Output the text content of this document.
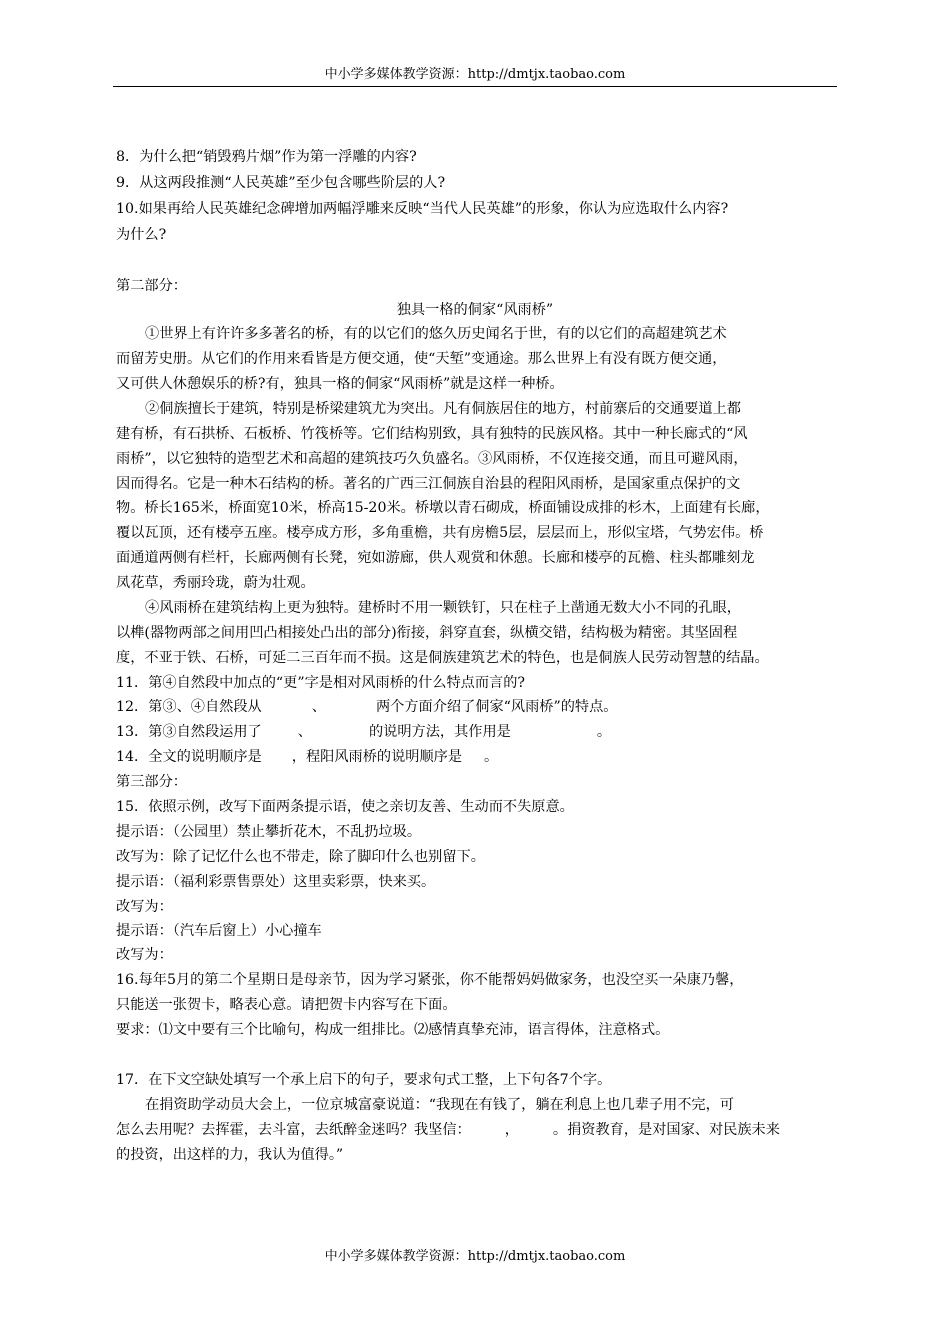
中小学多媒体教学资源：http://dmtjx.taobao.com
8．为什么把“销毁鸦片烟”作为第一浮雕的内容?
9．从这两段推测“人民英雄”至少包含哪些阶层的人?
10.如果再给人民英雄纪念碑增加两幅浮雕来反映“当代人民英雄”的形象，你认为应选取什么内容?
为什么?
第二部分：
独具一格的侗家“风雨桥”
①世界上有许许多多著名的桥，有的以它们的悠久历史闻名于世，有的以它们的高超建筑艺术
而留芳史册。从它们的作用来看皆是方便交通，使“天堑”变通途。那么世界上有没有既方便交通，
又可供人休憩娱乐的桥?有，独具一格的侗家“风雨桥”就是这样一种桥。
②侗族擅长于建筑，特别是桥梁建筑尤为突出。凡有侗族居住的地方，村前寨后的交通要道上都
建有桥，有石拱桥、石板桥、竹筏桥等。它们结构别致，具有独特的民族风格。其中一种长廊式的“风
雨桥”，以它独特的造型艺术和高超的建筑技巧久负盛名。③风雨桥，不仅连接交通，而且可避风雨，
因而得名。它是一种木石结构的桥。著名的广西三江侗族自治县的程阳风雨桥，是国家重点保护的文
物。桥长165米，桥面宽10米，桥高15-20米。桥墩以青石砌成，桥面铺设成排的杉木，上面建有长廊，
覆以瓦顶，还有楼亭五座。楼亭成方形，多角重檐，共有房檐5层，层层而上，形似宝塔，气势宏伟。桥
面通道两侧有栏杆，长廊两侧有长凳，宛如游廊，供人观赏和休憩。长廊和楼亭的瓦檐、柱头都雕刻龙
凤花草，秀丽玲珑，蔚为壮观。
④风雨桥在建筑结构上更为独特。建桥时不用一颗铁钉，只在柱子上凿通无数大小不同的孔眼，
以榫(器物两部之间用凹凸相接处凸出的部分)衔接，斜穿直套，纵横交错，结构极为精密。其坚固程
度，不亚于铁、石桥，可延二三百年而不损。这是侗族建筑艺术的特色，也是侗族人民劳动智慧的结晶。
11．第④自然段中加点的“更”字是相对风雨桥的什么特点而言的?
12．第③、④自然段从	、	两个方面介绍了侗家“风雨桥”的特点。
13．第③自然段运用了	、	的说明方法，其作用是	。
14．全文的说明顺序是 ，程阳风雨桥的说明顺序是 。
第三部分：
15．依照示例，改写下面两条提示语，使之亲切友善、生动而不失原意。
提示语：（公园里）禁止攀折花木，不乱扔垃圾。
改写为：除了记忆什么也不带走，除了脚印什么也别留下。
提示语：（福利彩票售票处）这里卖彩票，快来买。
改写为：
提示语：（汽车后窗上）小心撞车
改写为：
16.每年5月的第二个星期日是母亲节，因为学习紧张，你不能帮妈妈做家务，也没空买一朵康乃馨，
只能送一张贺卡，略表心意。请把贺卡内容写在下面。
要求：⑴文中要有三个比喻句，构成一组排比。⑵感情真挚充沛，语言得体，注意格式。
17．在下文空缺处填写一个承上启下的句子，要求句式工整，上下句各7个字。
在捐资助学动员大会上，一位京城富豪说道：“我现在有钱了，躺在利息上也几辈子用不完，可
怎么去用呢？去挥霍，去斗富，去纸醉金迷吗？我坚信： ， 。捐资教育，是对国家、对民族未来
的投资，出这样的力，我认为值得。”
中小学多媒体教学资源：http://dmtjx.taobao.com
